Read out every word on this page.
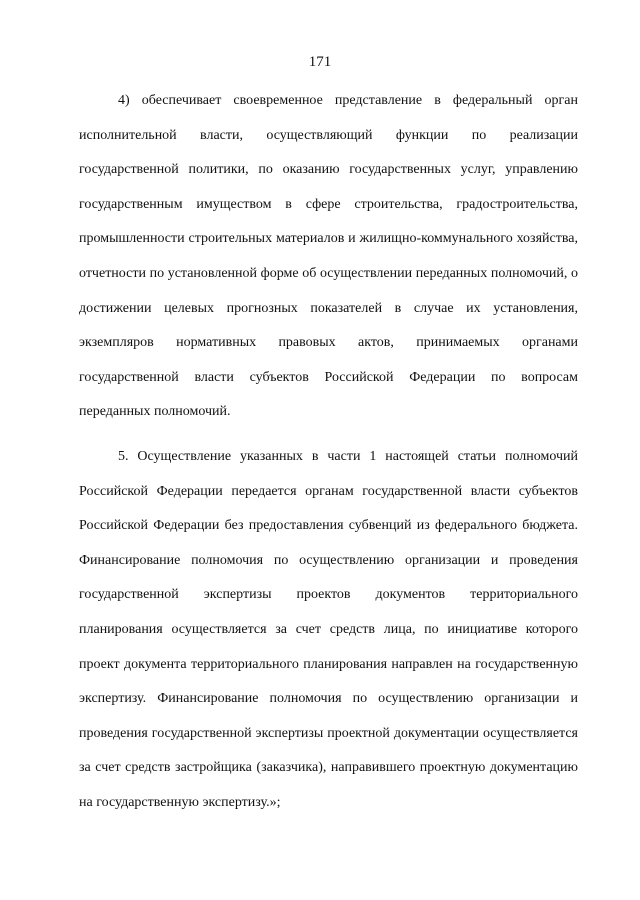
171

4) обеспечивает своевременное представление в федеральный орган исполнительной власти, осуществляющий функции по реализации государственной политики, по оказанию государственных услуг, управлению государственным имуществом в сфере строительства, градостроительства, промышленности строительных материалов и жилищно-коммунального хозяйства, отчетности по установленной форме об осуществлении переданных полномочий, о достижении целевых прогнозных показателей в случае их установления, экземпляров нормативных правовых актов, принимаемых органами государственной власти субъектов Российской Федерации по вопросам переданных полномочий.

5. Осуществление указанных в части 1 настоящей статьи полномочий Российской Федерации передается органам государственной власти субъектов Российской Федерации без предоставления субвенций из федерального бюджета. Финансирование полномочия по осуществлению организации и проведения государственной экспертизы проектов документов территориального планирования осуществляется за счет средств лица, по инициативе которого проект документа территориального планирования направлен на государственную экспертизу. Финансирование полномочия по осуществлению организации и проведения государственной экспертизы проектной документации осуществляется за счет средств застройщика (заказчика), направившего проектную документацию на государственную экспертизу.»;
